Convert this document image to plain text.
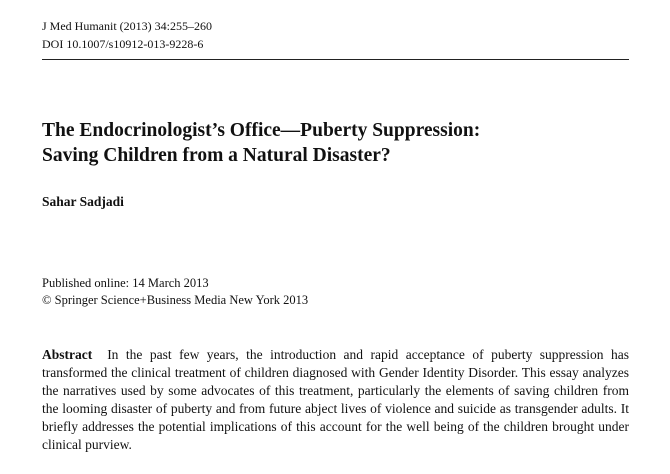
J Med Humanit (2013) 34:255–260
DOI 10.1007/s10912-013-9228-6
The Endocrinologist’s Office—Puberty Suppression:
Saving Children from a Natural Disaster?
Sahar Sadjadi
Published online: 14 March 2013
© Springer Science+Business Media New York 2013

Abstract In the past few years, the introduction and rapid acceptance of puberty suppression has transformed the clinical treatment of children diagnosed with Gender Identity Disorder. This essay analyzes the narratives used by some advocates of this treatment, particularly the elements of saving children from the looming disaster of puberty and from future abject lives of violence and suicide as transgender adults. It briefly addresses the potential implications of this account for the well being of the children brought under clinical purview.
